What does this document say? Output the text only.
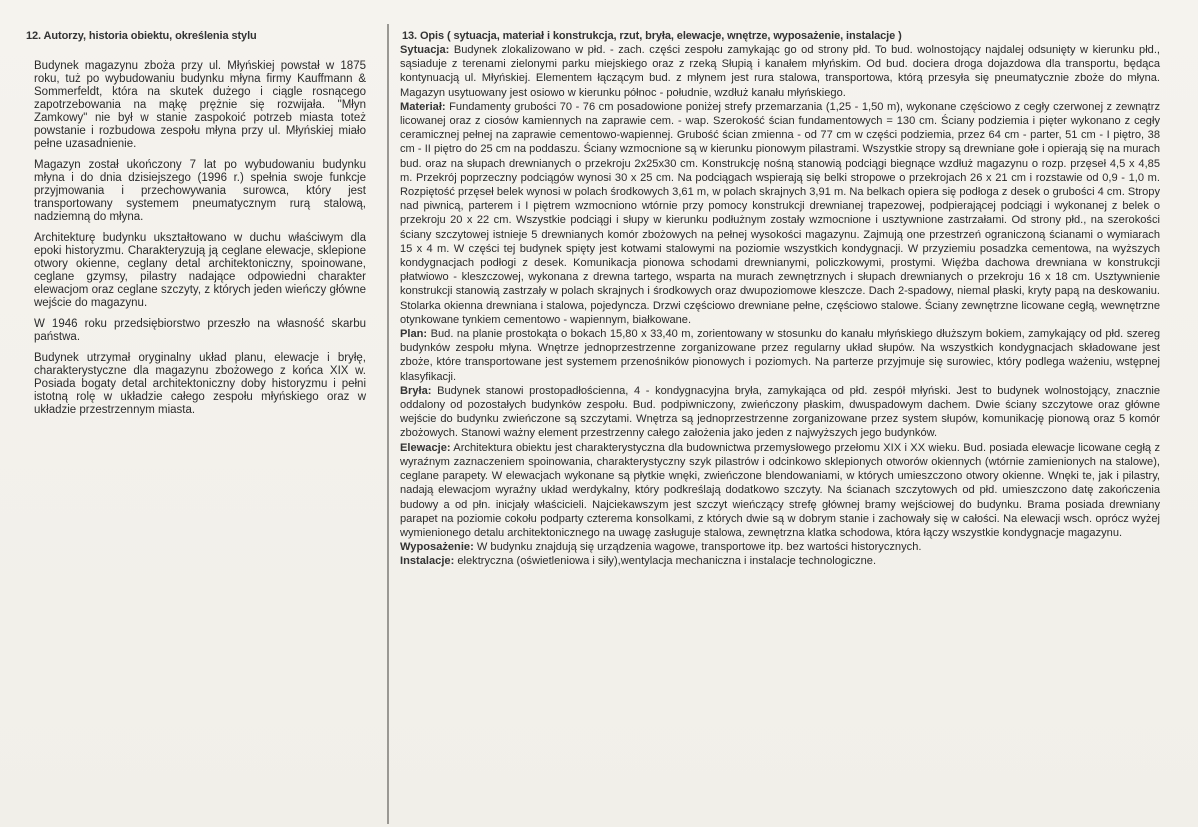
12. Autorzy, historia obiektu, określenia stylu

Budynek magazynu zboża przy ul. Młyńskiej powstał w 1875 roku, tuż po wybudowaniu budynku młyna firmy Kauffmann & Sommerfeldt, która na skutek dużego i ciągle rosnącego zapotrzebowania na mąkę prężnie się rozwijała. "Młyn Zamkowy" nie był w stanie zaspokoić potrzeb miasta toteż powstanie i rozbudowa zespołu młyna przy ul. Młyńskiej miało pełne uzasadnienie.

Magazyn został ukończony 7 lat po wybudowaniu budynku młyna i do dnia dzisiejszego (1996 r.) spełnia swoje funkcje przyjmowania i przechowywania surowca, który jest transportowany systemem pneumatycznym rurą stalową, nadziemną do młyna.

Architekturę budynku ukształtowano w duchu właściwym dla epoki historyzmu. Charakteryzują ją ceglane elewacje, sklepione otwory okienne, ceglany detal architektoniczny, spoinowane, ceglane gzymsy, pilastry nadające odpowiedni charakter elewacjom oraz ceglane szczyty, z których jeden wieńczy główne wejście do magazynu.

W 1946 roku przedsiębiorstwo przeszło na własność skarbu państwa.

Budynek utrzymał oryginalny układ planu, elewacje i bryłę, charakterystyczne dla magazynu zbożowego z końca XIX w. Posiada bogaty detal architektoniczny doby historyzmu i pełni istotną rolę w układzie całego zespołu młyńskiego oraz w układzie przestrzennym miasta.

13. Opis ( sytuacja, materiał i konstrukcja, rzut, bryła, elewacje, wnętrze, wyposażenie, instalacje )

Sytuacja: Budynek zlokalizowano w płd. - zach. części zespołu zamykając go od strony płd. To bud. wolnostojący najdalej odsunięty w kierunku płd., sąsiaduje z terenami zielonymi parku miejskiego oraz z rzeką Słupią i kanałem młyńskim. Od bud. dociera droga dojazdowa dla transportu, będąca kontynuacją ul. Młyńskiej. Elementem łączącym bud. z młynem jest rura stalowa, transportowa, którą przesyła się pneumatycznie zboże do młyna. Magazyn usytuowany jest osiowo w kierunku północ - południe, wzdłuż kanału młyńskiego.

Materiał: Fundamenty grubości 70 - 76 cm posadowione poniżej strefy przemarzania (1,25 - 1,50 m), wykonane częściowo z cegły czerwonej z zewnątrz licowanej oraz z ciosów kamiennych na zaprawie cem. - wap. Szerokość ścian fundamentowych = 130 cm. Ściany podziemia i pięter wykonano z cegły ceramicznej pełnej na zaprawie cementowo-wapiennej. Grubość ścian zmienna - od 77 cm w części podziemia, przez 64 cm - parter, 51 cm - I piętro, 38 cm - II piętro do 25 cm na poddaszu. Ściany wzmocnione są w kierunku pionowym pilastrami. Wszystkie stropy są drewniane gołe i opierają się na murach bud. oraz na słupach drewnianych o przekroju 2x25x30 cm. Konstrukcję nośną stanowią podciągi biegnące wzdłuż magazynu o rozp. przęseł 4,5 x 4,85 m. Przekrój poprzeczny podciągów wynosi 30 x 25 cm. Na podciągach wspierają się belki stropowe o przekrojach 26 x 21 cm i rozstawie od 0,9 - 1,0 m. Rozpiętość przęseł belek wynosi w polach środkowych 3,61 m, w polach skrajnych 3,91 m. Na belkach opiera się podłoga z desek o grubości 4 cm. Stropy nad piwnicą, parterem i I piętrem wzmocniono wtórnie przy pomocy konstrukcji drewnianej trapezowej, podpierającej podciągi i wykonanej z belek o przekroju 20 x 22 cm. Wszystkie podciągi i słupy w kierunku podłużnym zostały wzmocnione i usztywnione zastrzałami. Od strony płd., na szerokości ściany szczytowej istnieje 5 drewnianych komór zbożowych na pełnej wysokości magazynu. Zajmują one przestrzeń ograniczoną ścianami o wymiarach 15 x 4 m. W części tej budynek spięty jest kotwami stalowymi na poziomie wszystkich kondygnacji. W przyziemiu posadzka cementowa, na wyższych kondygnacjach podłogi z desek. Komunikacja pionowa schodami drewnianymi, policzkowymi, prostymi. Więźba dachowa drewniana w konstrukcji płatwiowo - kleszczowej, wykonana z drewna tartego, wsparta na murach zewnętrznych i słupach drewnianych o przekroju 16 x 18 cm. Usztywnienie konstrukcji stanowią zastrzały w polach skrajnych i środkowych oraz dwupoziomowe kleszcze. Dach 2-spadowy, niemal płaski, kryty papą na deskowaniu. Stolarka okienna drewniana i stalowa, pojedyncza. Drzwi częściowo drewniane pełne, częściowo stalowe. Ściany zewnętrzne licowane cegłą, wewnętrzne otynkowane tynkiem cementowo - wapiennym, białkowane.

Plan: Bud. na planie prostokąta o bokach 15,80 x 33,40 m, zorientowany w stosunku do kanału młyńskiego dłuższym bokiem, zamykający od płd. szereg budynków zespołu młyna. Wnętrze jednoprzestrzenne zorganizowane przez regularny układ słupów. Na wszystkich kondygnacjach składowane jest zboże, które transportowane jest systemem przenośników pionowych i poziomych. Na parterze przyjmuje się surowiec, który podlega ważeniu, wstępnej klasyfikacji.

Bryła: Budynek stanowi prostopadłościenna, 4 - kondygnacyjna bryła, zamykająca od płd. zespół młyński. Jest to budynek wolnostojący, znacznie oddalony od pozostałych budynków zespołu. Bud. podpiwniczony, zwieńczony płaskim, dwuspadowym dachem. Dwie ściany szczytowe oraz główne wejście do budynku zwieńczone są szczytami. Wnętrza są jednoprzestrzenne zorganizowane przez system słupów, komunikację pionową oraz 5 komór zbożowych. Stanowi ważny element przestrzenny całego założenia jako jeden z najwyższych jego budynków.

Elewacje: Architektura obiektu jest charakterystyczna dla budownictwa przemysłowego przełomu XIX i XX wieku. Bud. posiada elewacje licowane cegłą z wyraźnym zaznaczeniem spoinowania, charakterystyczny szyk pilastrów i odcinkowo sklepionych otworów okiennych (wtórnie zamienionych na stalowe), ceglane parapety. W elewacjach wykonane są płytkie wnęki, zwieńczone blendowaniami, w których umieszczono otwory okienne. Wnęki te, jak i pilastry, nadają elewacjom wyraźny układ werdykalny, który podkreślają dodatkowo szczyty. Na ścianach szczytowych od płd. umieszczono datę zakończenia budowy a od płn. inicjały właścicieli. Najciekawszym jest szczyt wieńczący strefę głównej bramy wejściowej do budynku. Brama posiada drewniany parapet na poziomie cokołu podparty czterema konsolkami, z których dwie są w dobrym stanie i zachowały się w całości. Na elewacji wsch. oprócz wyżej wymienionego detalu architektonicznego na uwagę zasługuje stalowa, zewnętrzna klatka schodowa, która łączy wszystkie kondygnacje magazynu.

Wyposażenie: W budynku znajdują się urządzenia wagowe, transportowe itp. bez wartości historycznych.

Instalacje: elektryczna (oświetleniowa i siły),wentylacja mechaniczna i instalacje technologiczne.
